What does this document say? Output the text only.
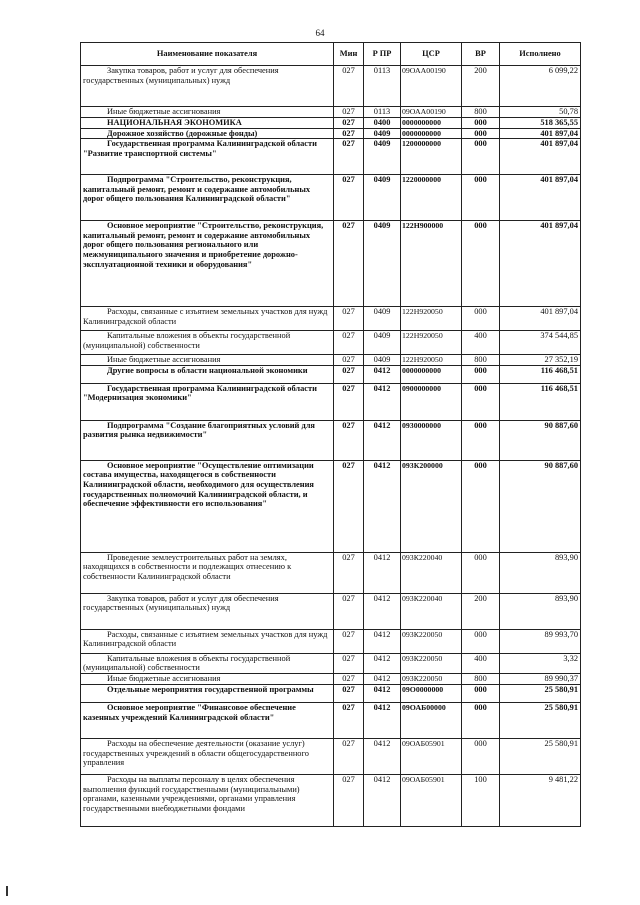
64
Наименование показателя	Мин	Р ПР	ЦСР	ВР	Исполнено
Закупка товаров, работ и услуг для обеспечения государственных (муниципальных) нужд	027	0113	09ОАА00190	200	6 099,22
Иные бюджетные ассигнования	027	0113	09ОАА00190	800	50,78
НАЦИОНАЛЬНАЯ ЭКОНОМИКА	027	0400	0000000000	000	518 365,55
Дорожное хозяйство (дорожные фонды)	027	0409	0000000000	000	401 897,04
Государственная программа Калининградской области "Развитие транспортной системы"	027	0409	1200000000	000	401 897,04
Подпрограмма "Строительство, реконструкция, капитальный ремонт, ремонт и содержание автомобильных дорог общего пользования Калининградской области"	027	0409	1220000000	000	401 897,04
Основное мероприятие "Строительство, реконструкция, капитальный ремонт, ремонт и содержание автомобильных дорог общего пользования регионального или межмуниципального значения и приобретение дорожно-эксплуатационной техники и оборудования"	027	0409	122Н900000	000	401 897,04
Расходы, связанные с изъятием земельных участков для нужд Калининградской области	027	0409	122Н920050	000	401 897,04
Капитальные вложения в объекты государственной (муниципальной) собственности	027	0409	122Н920050	400	374 544,85
Иные бюджетные ассигнования	027	0409	122Н920050	800	27 352,19
Другие вопросы в области национальной экономики	027	0412	0000000000	000	116 468,51
Государственная программа Калининградской области "Модернизация экономики"	027	0412	0900000000	000	116 468,51
Подпрограмма "Создание благоприятных условий для развития рынка недвижимости"	027	0412	0930000000	000	90 887,60
Основное мероприятие "Осуществление оптимизации состава имущества, находящегося в собственности Калининградской области, необходимого для осуществления государственных полномочий Калининградской области, и обеспечение эффективности его использования"	027	0412	093К200000	000	90 887,60
Проведение землеустроительных работ на землях, находящихся в собственности и подлежащих отнесению к собственности Калининградской области	027	0412	093К220040	000	893,90
Закупка товаров, работ и услуг для обеспечения государственных (муниципальных) нужд	027	0412	093К220040	200	893,90
Расходы, связанные с изъятием земельных участков для нужд Калининградской области	027	0412	093К220050	000	89 993,70
Капитальные вложения в объекты государственной (муниципальной) собственности	027	0412	093К220050	400	3,32
Иные бюджетные ассигнования	027	0412	093К220050	800	89 990,37
Отдельные мероприятия государственной программы	027	0412	09О0000000	000	25 580,91
Основное мероприятие "Финансовое обеспечение казенных учреждений Калининградской области"	027	0412	09ОАБ00000	000	25 580,91
Расходы на обеспечение деятельности (оказание услуг) государственных учреждений в области общегосударственного управления	027	0412	09ОАБ05901	000	25 580,91
Расходы на выплаты персоналу в целях обеспечения выполнения функций государственными (муниципальными) органами, казенными учреждениями, органами управления государственными внебюджетными фондами	027	0412	09ОАБ05901	100	9 481,22
